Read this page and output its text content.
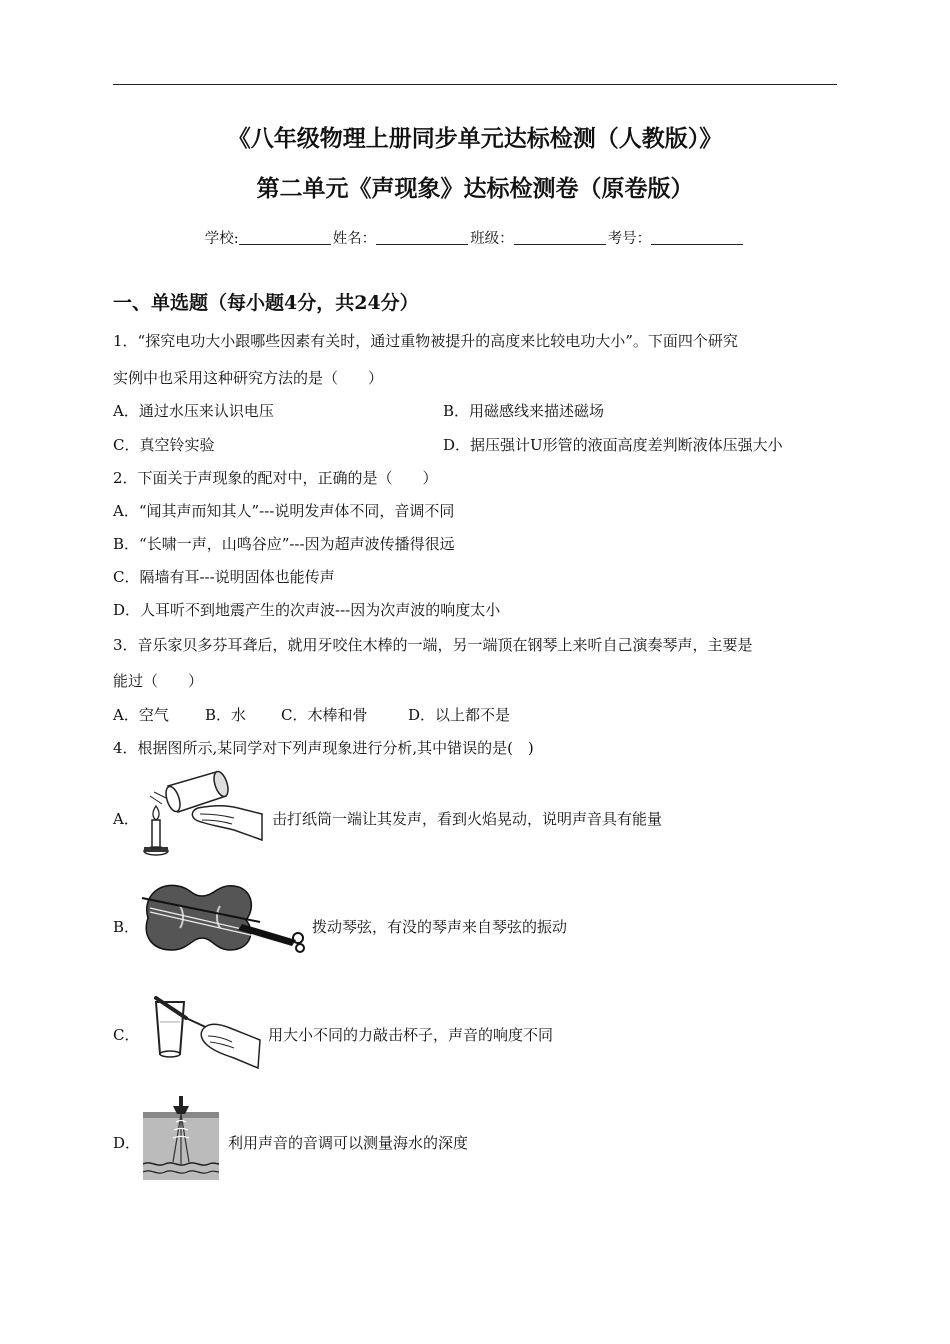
《八年级物理上册同步单元达标检测（人教版）》
第二单元《声现象》达标检测卷（原卷版）
学校:	姓名：	班级：	考号：
一、单选题（每小题4分，共24分）
1．“探究电功大小跟哪些因素有关时，通过重物被提升的高度来比较电功大小”。下面四个研究
实例中也采用这种研究方法的是（　　）
A．通过水压来认识电压	B．用磁感线来描述磁场
C．真空铃实验	D．据压强计U形管的液面高度差判断液体压强大小
2．下面关于声现象的配对中，正确的是（　　）
A．“闻其声而知其人”---说明发声体不同，音调不同
B．“长啸一声，山鸣谷应”---因为超声波传播得很远
C．隔墙有耳---说明固体也能传声
D．人耳听不到地震产生的次声波---因为次声波的响度太小
3．音乐家贝多芬耳聋后，就用牙咬住木棒的一端，另一端顶在钢琴上来听自己演奏琴声，主要是
能过（　　）
A．空气 B．水 C．木棒和骨	D．以上都不是
4．根据图所示,某同学对下列声现象进行分析,其中错误的是(　)
A．	击打纸筒一端让其发声，看到火焰晃动，说明声音具有能量
B．	拨动琴弦，有没的琴声来自琴弦的振动
C．	用大小不同的力敲击杯子，声音的响度不同
D．	利用声音的音调可以测量海水的深度
